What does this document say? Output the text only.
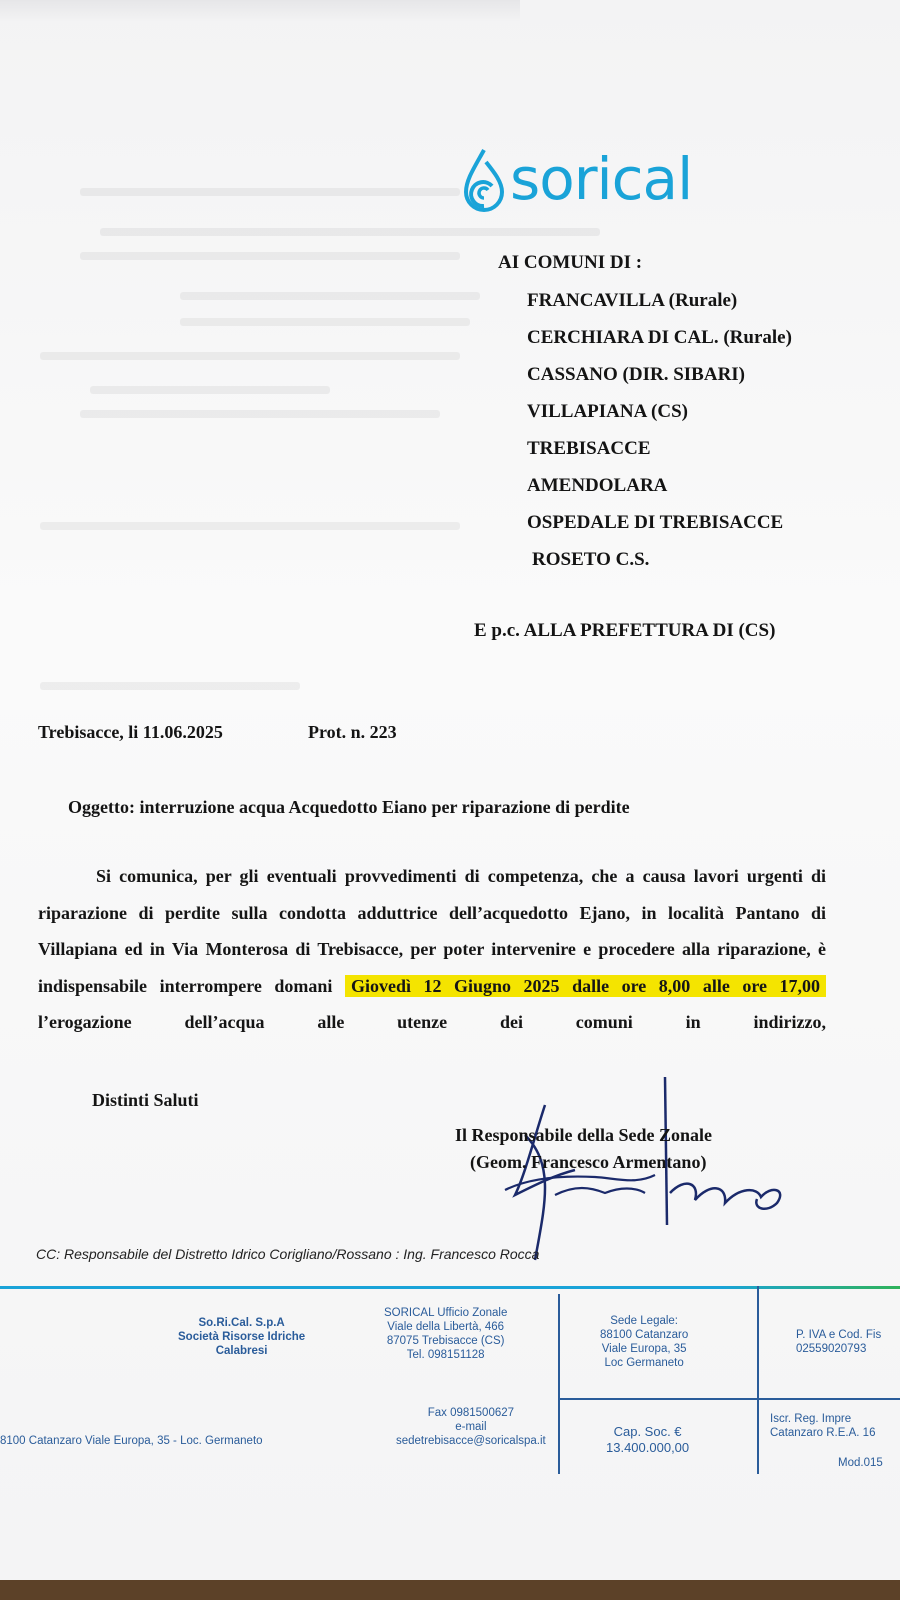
sorical
AI COMUNI DI :
FRANCAVILLA (Rurale)
CERCHIARA DI CAL. (Rurale)
CASSANO (DIR. SIBARI)
VILLAPIANA (CS)
TREBISACCE
AMENDOLARA
OSPEDALE DI TREBISACCE
ROSETO C.S.
E p.c. ALLA PREFETTURA DI (CS)
Trebisacce, li 11.06.2025	Prot. n. 223
Oggetto: interruzione acqua Acquedotto Eiano per riparazione di perdite
Si comunica, per gli eventuali provvedimenti di competenza, che a causa lavori urgenti di riparazione di perdite sulla condotta adduttrice dell’acquedotto Ejano, in località Pantano di Villapiana ed in Via Monterosa di Trebisacce, per poter intervenire e procedere alla riparazione, è indispensabile interrompere domani Giovedì 12 Giugno 2025 dalle ore 8,00 alle ore 17,00 l’erogazione dell’acqua alle utenze dei comuni in indirizzo,
Distinti Saluti
Il Responsabile della Sede Zonale
(Geom. Francesco Armentano)
CC: Responsabile del Distretto Idrico Corigliano/Rossano : Ing. Francesco Rocca
So.Ri.Cal. S.p.A
Società Risorse Idriche
Calabresi
SORICAL Ufficio Zonale
Viale della Libertà, 466
87075 Trebisacce (CS)
Tel. 098151128
Sede Legale:
88100 Catanzaro
Viale Europa, 35
Loc Germaneto
P. IVA e Cod. Fis
02559020793
8100 Catanzaro Viale Europa, 35 - Loc. Germaneto
Fax 0981500627
e-mail
sedetrebisacce@soricalspa.it
Cap. Soc. €
13.400.000,00
Iscr. Reg. Impre
Catanzaro R.E.A. 16
Mod.015
